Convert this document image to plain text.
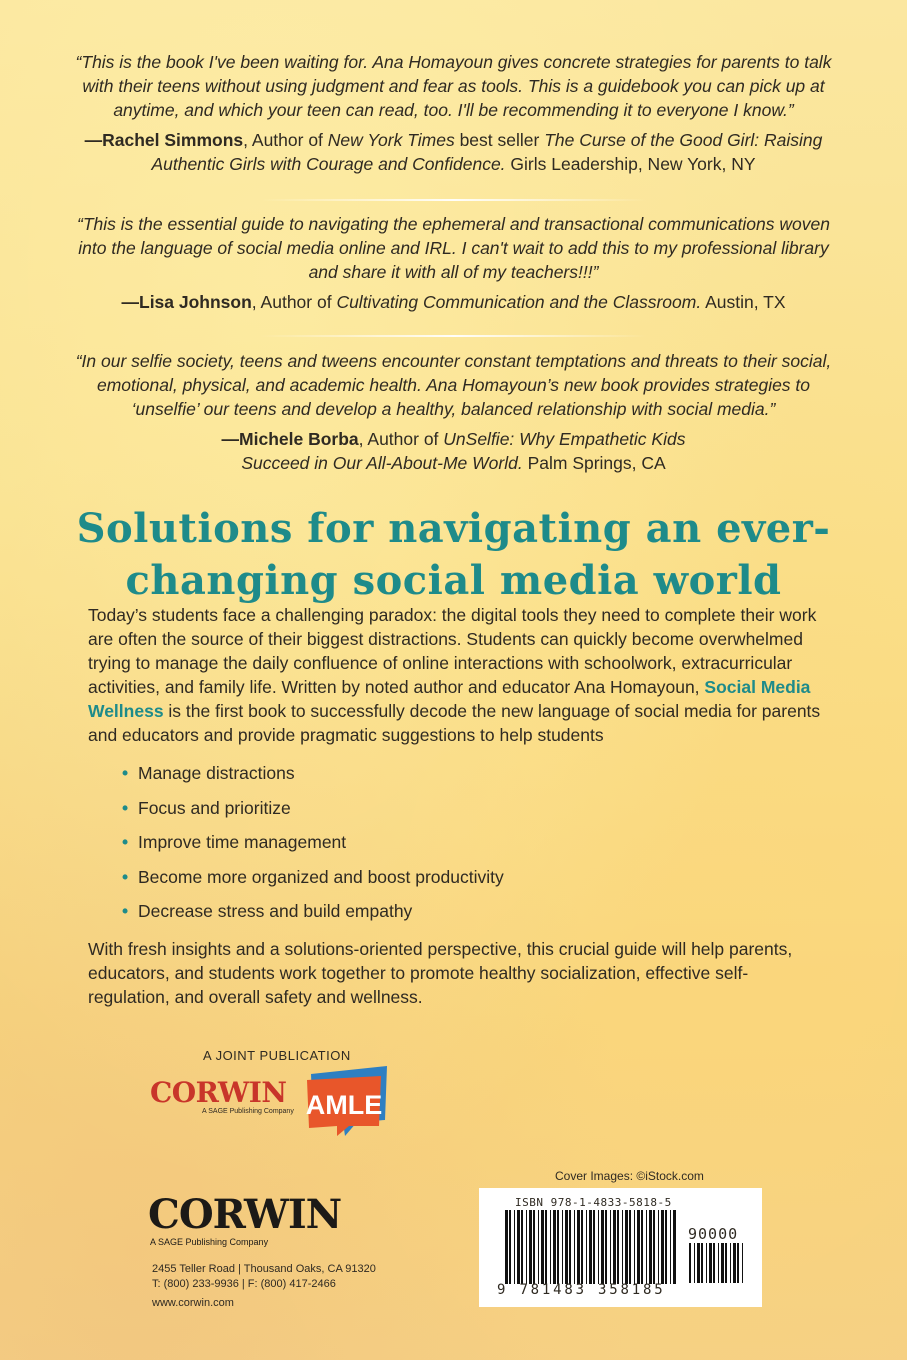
“This is the book I've been waiting for. Ana Homayoun gives concrete strategies for parents to talk with their teens without using judgment and fear as tools. This is a guidebook you can pick up at anytime, and which your teen can read, too. I'll be recommending it to everyone I know.”

—Rachel Simmons, Author of New York Times best seller The Curse of the Good Girl: Raising Authentic Girls with Courage and Confidence. Girls Leadership, New York, NY

“This is the essential guide to navigating the ephemeral and transactional communications woven into the language of social media online and IRL. I can't wait to add this to my professional library and share it with all of my teachers!!!”

—Lisa Johnson, Author of Cultivating Communication and the Classroom. Austin, TX

“In our selfie society, teens and tweens encounter constant temptations and threats to their social, emotional, physical, and academic health. Ana Homayoun’s new book provides strategies to ‘unselfie’ our teens and develop a healthy, balanced relationship with social media.”

—Michele Borba, Author of UnSelfie: Why Empathetic Kids Succeed in Our All-About-Me World. Palm Springs, CA

Solutions for navigating an ever-changing social media world

Today’s students face a challenging paradox: the digital tools they need to complete their work are often the source of their biggest distractions. Students can quickly become overwhelmed trying to manage the daily confluence of online interactions with schoolwork, extracurricular activities, and family life. Written by noted author and educator Ana Homayoun, Social Media Wellness is the first book to successfully decode the new language of social media for parents and educators and provide pragmatic suggestions to help students

• Manage distractions
• Focus and prioritize
• Improve time management
• Become more organized and boost productivity
• Decrease stress and build empathy

With fresh insights and a solutions-oriented perspective, this crucial guide will help parents, educators, and students work together to promote healthy socialization, effective self-regulation, and overall safety and wellness.

A JOINT PUBLICATION
CORWIN
A SAGE Publishing Company AMLE
CORWIN
A SAGE Publishing Company
2455 Teller Road | Thousand Oaks, CA 91320
T: (800) 233-9936 | F: (800) 417-2466
www.corwin.com
Cover Images: ©iStock.com
ISBN 978-1-4833-5818-5
90000
9 781483 358185
